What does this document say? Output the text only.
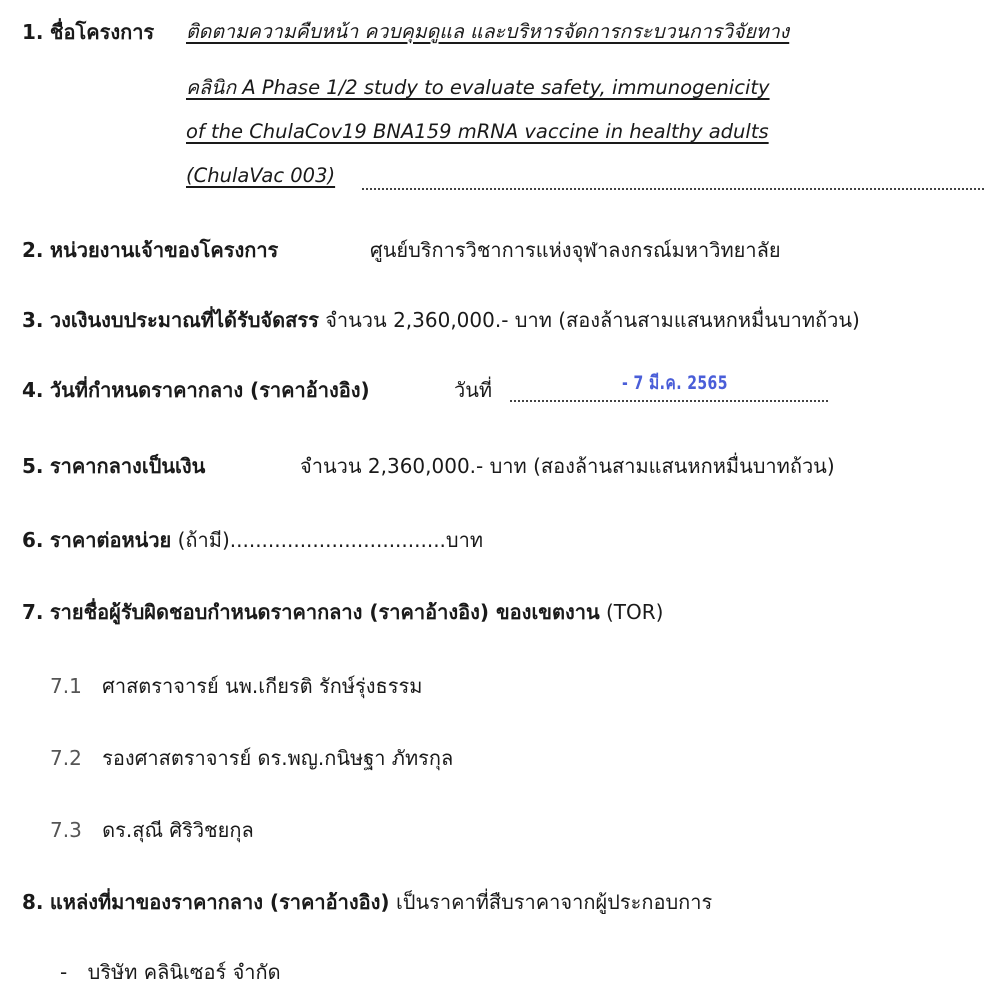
1. ชื่อโครงการ ติดตามความคืบหน้า ควบคุมดูแล และบริหารจัดการกระบวนการวิจัยทาง
คลินิก A Phase 1/2 study to evaluate safety, immunogenicity
of the ChulaCov19 BNA159 mRNA vaccine in healthy adults
(ChulaVac 003)
2. หน่วยงานเจ้าของโครงการ	ศูนย์บริการวิชาการแห่งจุฬาลงกรณ์มหาวิทยาลัย
3. วงเงินงบประมาณที่ได้รับจัดสรร จำนวน 2,360,000.- บาท (สองล้านสามแสนหกหมื่นบาทถ้วน)
4. วันที่กำหนดราคากลาง (ราคาอ้างอิง)	วันที่	- 7 มี.ค. 2565
5. ราคากลางเป็นเงิน	จำนวน 2,360,000.- บาท (สองล้านสามแสนหกหมื่นบาทถ้วน)
6. ราคาต่อหน่วย (ถ้ามี)..................................บาท
7. รายชื่อผู้รับผิดชอบกำหนดราคากลาง (ราคาอ้างอิง) ของเขตงาน (TOR)
7.1 ศาสตราจารย์ นพ.เกียรติ รักษ์รุ่งธรรม
7.2 รองศาสตราจารย์ ดร.พญ.กนิษฐา ภัทรกุล
7.3 ดร.สุณี ศิริวิชยกุล
8. แหล่งที่มาของราคากลาง (ราคาอ้างอิง) เป็นราคาที่สืบราคาจากผู้ประกอบการ
- บริษัท คลินิเซอร์ จำกัด
